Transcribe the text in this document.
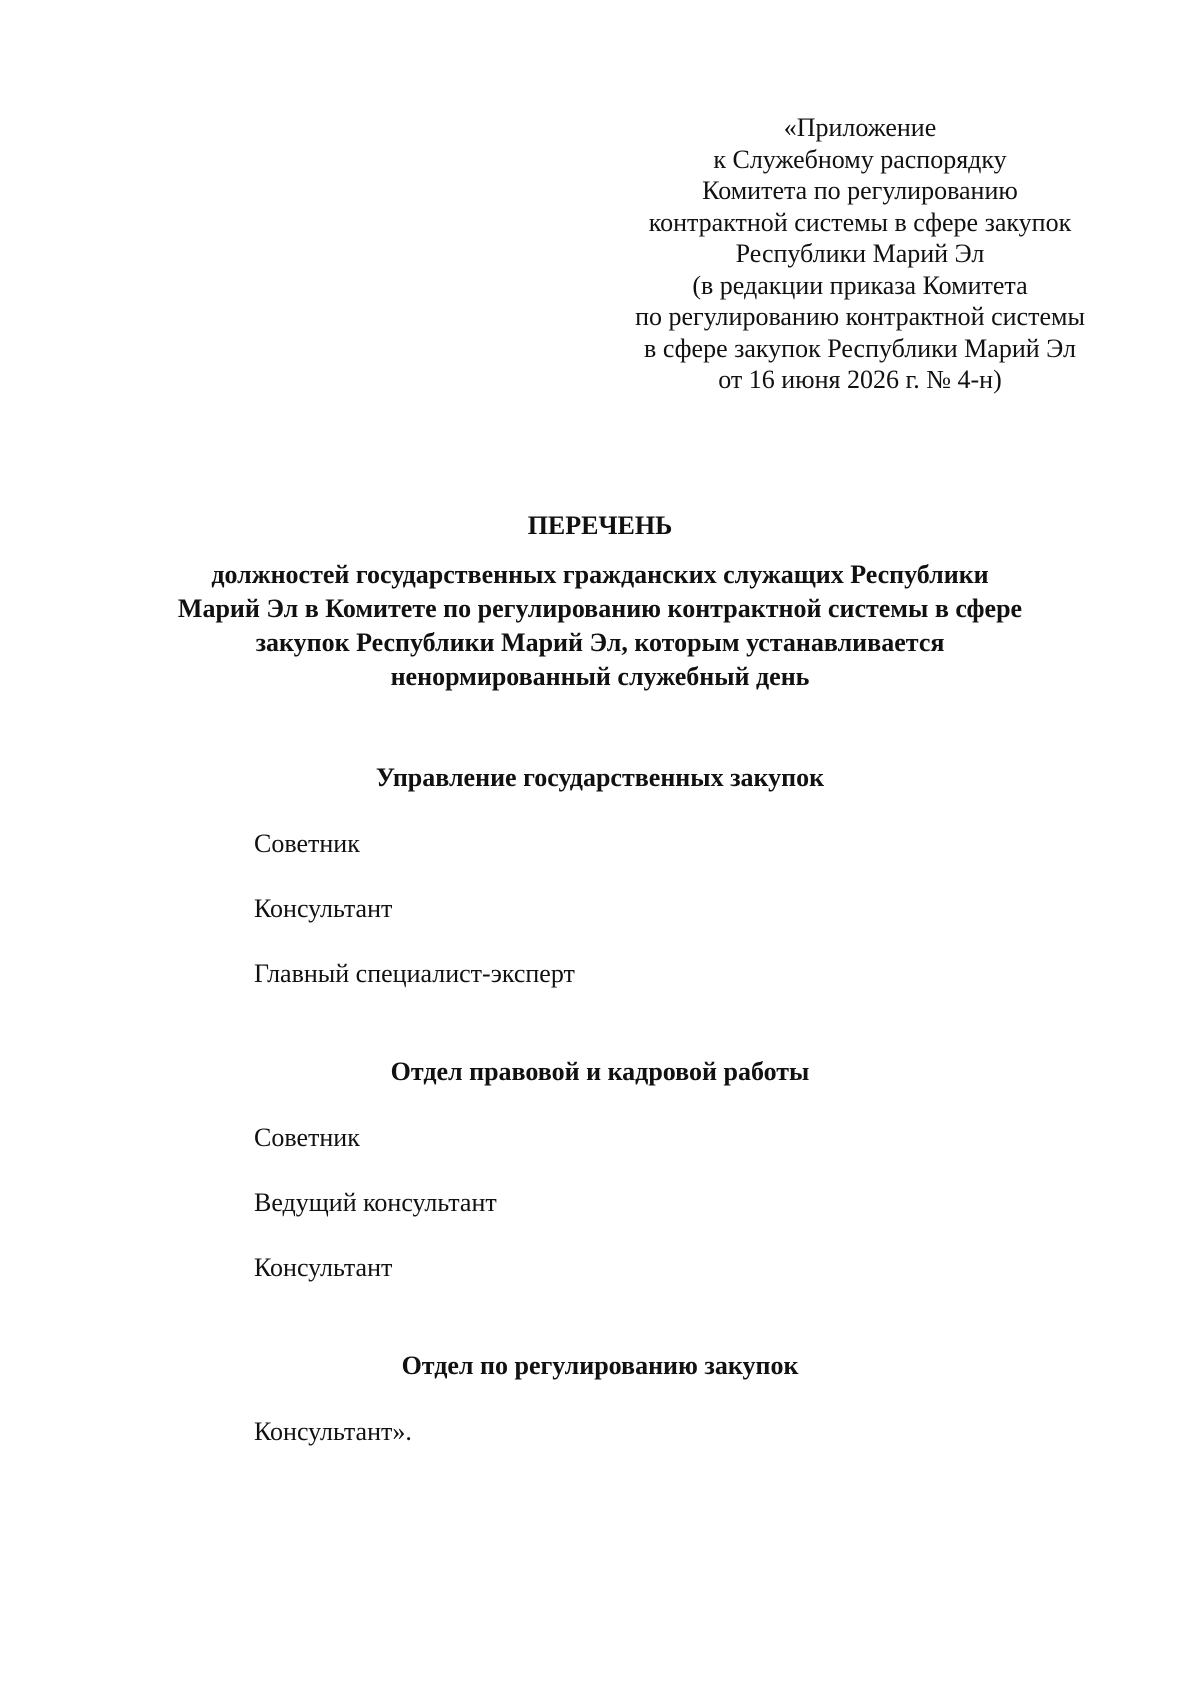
«Приложение
к Служебному распорядку
Комитета по регулированию
контрактной системы в сфере закупок
Республики Марий Эл
(в редакции приказа Комитета
по регулированию контрактной системы
в сфере закупок Республики Марий Эл
от 16 июня 2026 г. № 4-н)
ПЕРЕЧЕНЬ
должностей государственных гражданских служащих Республики
Марий Эл в Комитете по регулированию контрактной системы в сфере
закупок Республики Марий Эл, которым устанавливается
ненормированный служебный день
Управление государственных закупок
Советник
Консультант
Главный специалист-эксперт
Отдел правовой и кадровой работы
Советник
Ведущий консультант
Консультант
Отдел по регулированию закупок
Консультант».
